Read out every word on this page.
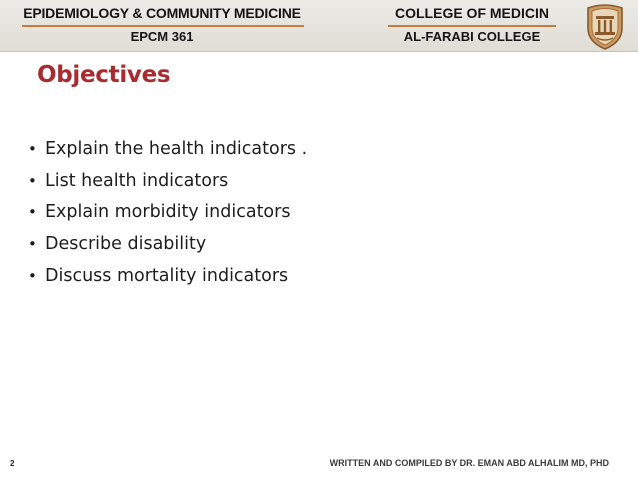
EPIDEMIOLOGY & COMMUNITY MEDICINE
EPCM 361
COLLEGE OF MEDICIN
AL-FARABI COLLEGE
Objectives
• Explain the health indicators .
• List health indicators
• Explain morbidity indicators
• Describe disability
• Discuss mortality indicators
2	WRITTEN AND COMPILED BY DR. EMAN ABD ALHALIM MD, PHD
